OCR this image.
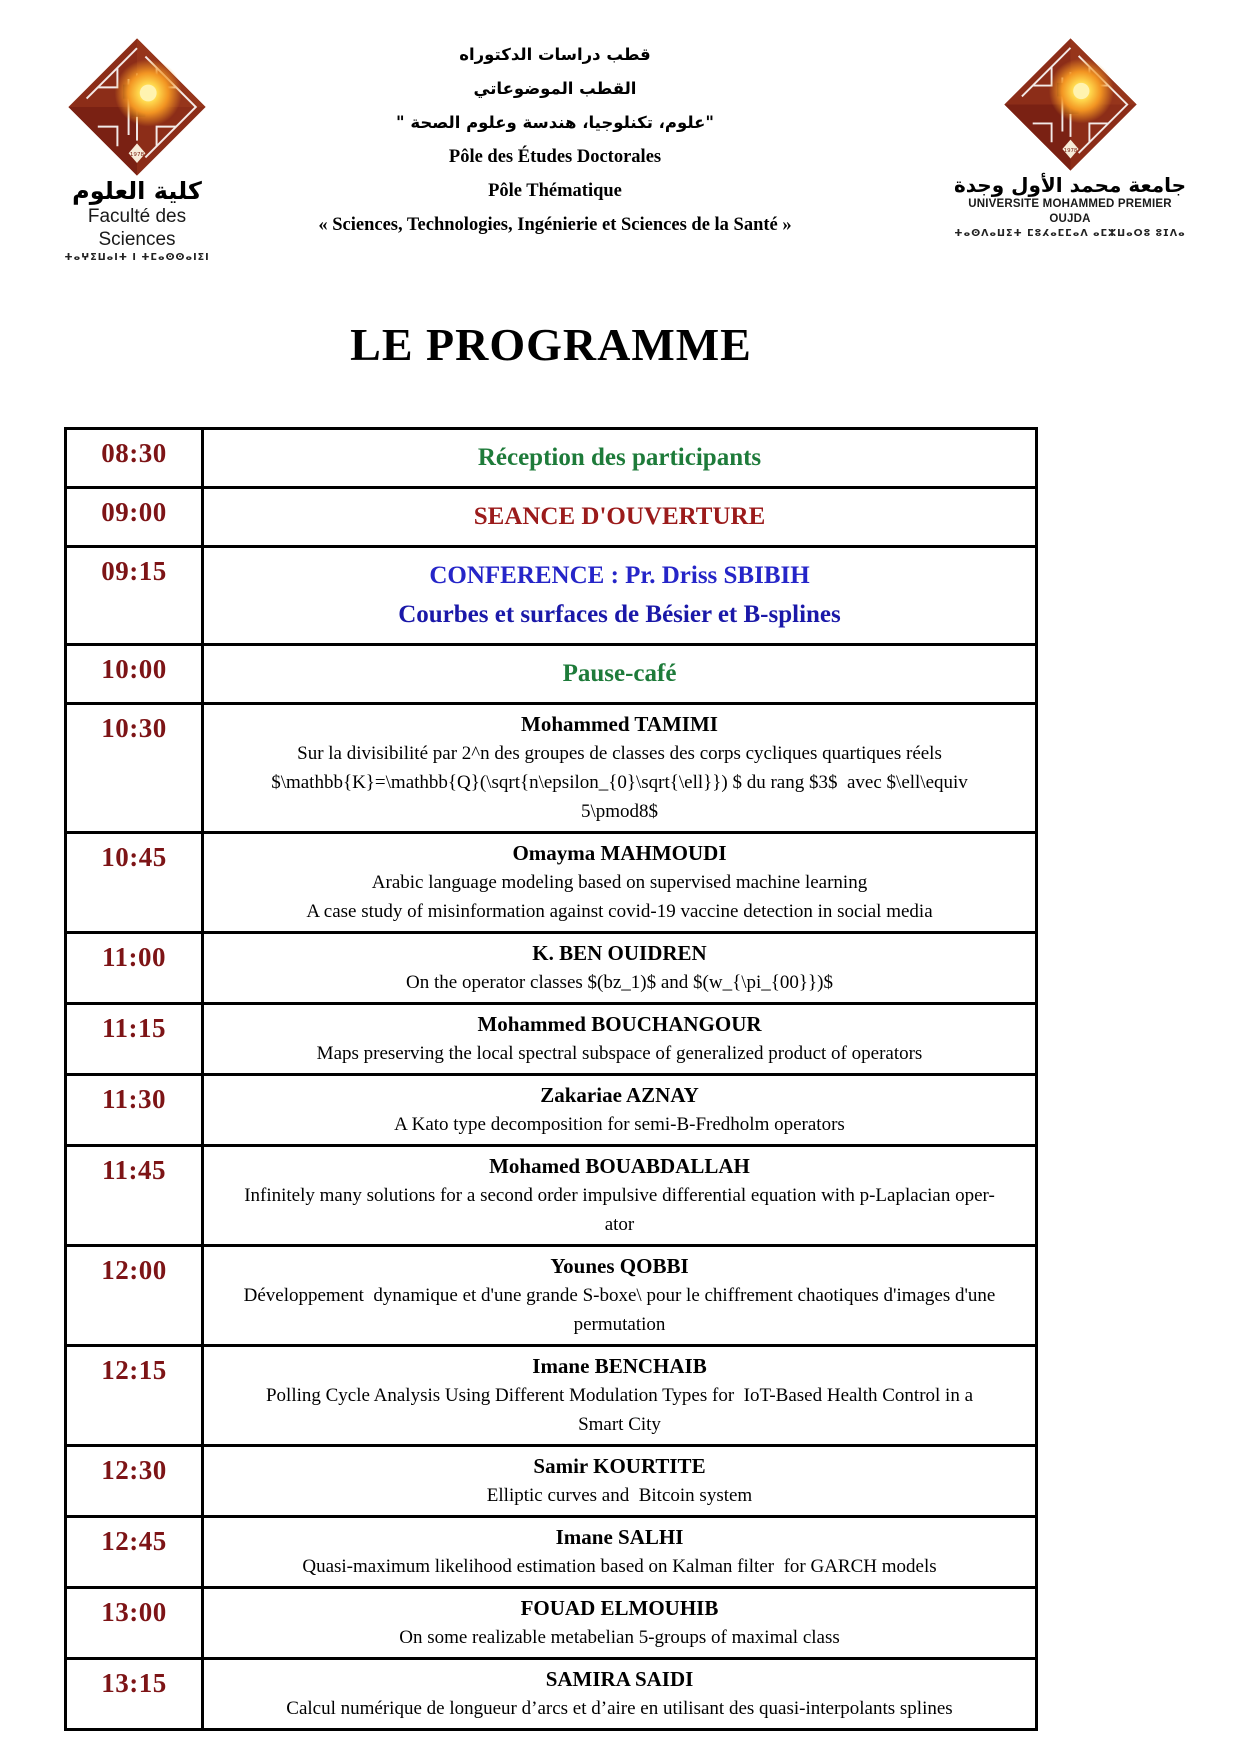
1978
كلية العلوم
Faculté des Sciences
ⵜⴰⵖⵉⵡⴰⵏⵜ ⵏ ⵜⵎⴰⵙⵙⴰⵏⵉⵏ
قطب دراسات الدكتوراه
القطب الموضوعاتي
"علوم، تكنلوجيا، هندسة وعلوم الصحة "
Pôle des Études Doctorales
Pôle Thématique
« Sciences, Technologies, Ingénierie et Sciences de la Santé »
1978
جامعة محمد الأول وجدة
UNIVERSITE MOHAMMED PREMIER OUJDA
ⵜⴰⵙⴷⴰⵡⵉⵜ ⵎⵓⵃⴰⵎⵎⴰⴷ ⴰⵎⵣⵡⴰⵔⵓ ⵓⵊⴷⴰ
LE PROGRAMME
08:30	Réception des participants

09:00	SEANCE D'OUVERTURE

09:15	CONFERENCE : Pr. Driss SBIBIH
Courbes et surfaces de Bésier et B-splines

10:00	Pause-café

10:30	Mohammed TAMIMI
Sur la divisibilité par 2^n des groupes de classes des corps cycliques quartiques réels
$\mathbb{K}=\mathbb{Q}(\sqrt{n\epsilon_{0}\sqrt{\ell}}) $ du rang $3$  avec $\ell\equiv
5\pmod8$

10:45	Omayma MAHMOUDI
Arabic language modeling based on supervised machine learning
A case study of misinformation against covid-19 vaccine detection in social media

11:00	K. BEN OUIDREN
On the operator classes $(bz_1)$ and $(w_{\pi_{00}})$

11:15	Mohammed BOUCHANGOUR
Maps preserving the local spectral subspace of generalized product of operators

11:30	Zakariae AZNAY
A Kato type decomposition for semi-B-Fredholm operators

11:45	Mohamed BOUABDALLAH
Infinitely many solutions for a second order impulsive differential equation with p-Laplacian oper-
ator

12:00	Younes QOBBI
Développement  dynamique et d'une grande S-boxe\ pour le chiffrement chaotiques d'images d'une
permutation

12:15	Imane BENCHAIB
Polling Cycle Analysis Using Different Modulation Types for  IoT-Based Health Control in a
Smart City

12:30	Samir KOURTITE
Elliptic curves and  Bitcoin system

12:45	Imane SALHI
Quasi-maximum likelihood estimation based on Kalman filter  for GARCH models

13:00	FOUAD ELMOUHIB
On some realizable metabelian 5-groups of maximal class

13:15	SAMIRA SAIDI
Calcul numérique de longueur d’arcs et d’aire en utilisant des quasi-interpolants splines
